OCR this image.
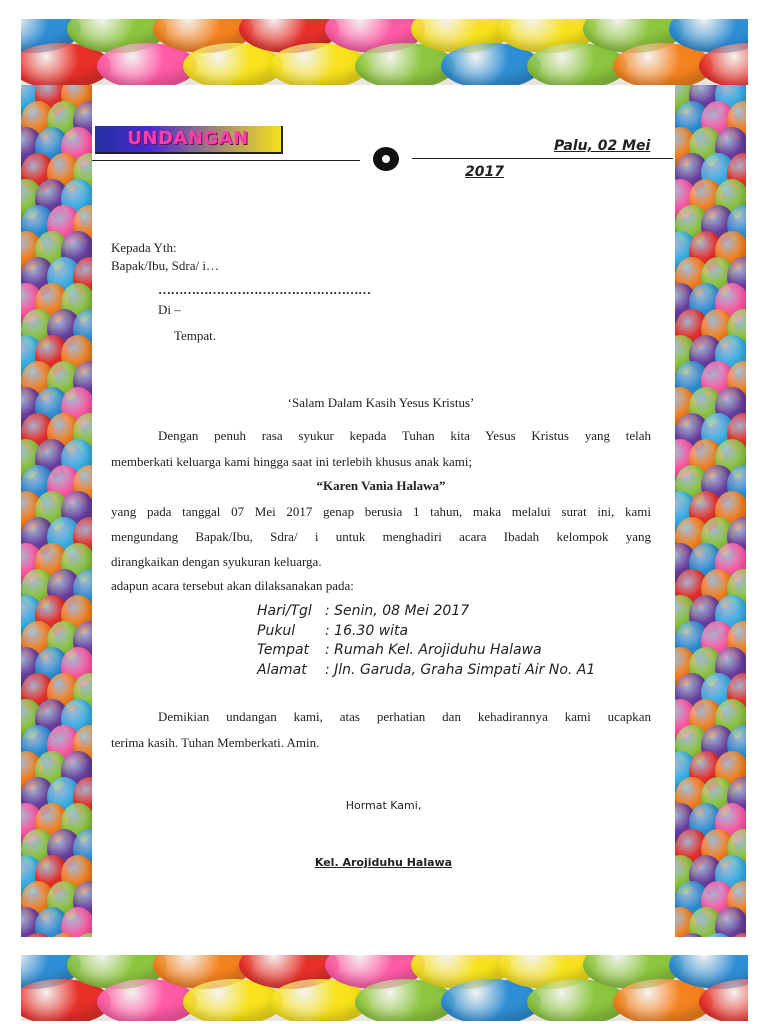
UNDANGAN	Palu, 02 Mei
2017
Kepada Yth:
Bapak/Ibu, Sdra/ i…
……………………………………………
Di –
Tempat.
‘Salam Dalam Kasih Yesus Kristus’
Dengan penuh rasa syukur kepada Tuhan kita Yesus Kristus yang telah
memberkati keluarga kami hingga saat ini terlebih khusus anak kami;
“Karen Vania Halawa”
yang pada tanggal 07 Mei 2017 genap berusia 1 tahun, maka melalui surat ini, kami
mengundang Bapak/Ibu, Sdra/ i untuk menghadiri acara Ibadah kelompok yang
dirangkaikan dengan syukuran keluarga.
adapun acara tersebut akan dilaksanakan pada:
Hari/Tgl : Senin, 08 Mei 2017
Pukul : 16.30 wita
Tempat : Rumah Kel. Arojiduhu Halawa
Alamat : Jln. Garuda, Graha Simpati Air No. A1
Demikian undangan kami, atas perhatian dan kehadirannya kami ucapkan
terima kasih. Tuhan Memberkati. Amin.
Hormat Kami,
Kel. Arojiduhu Halawa
